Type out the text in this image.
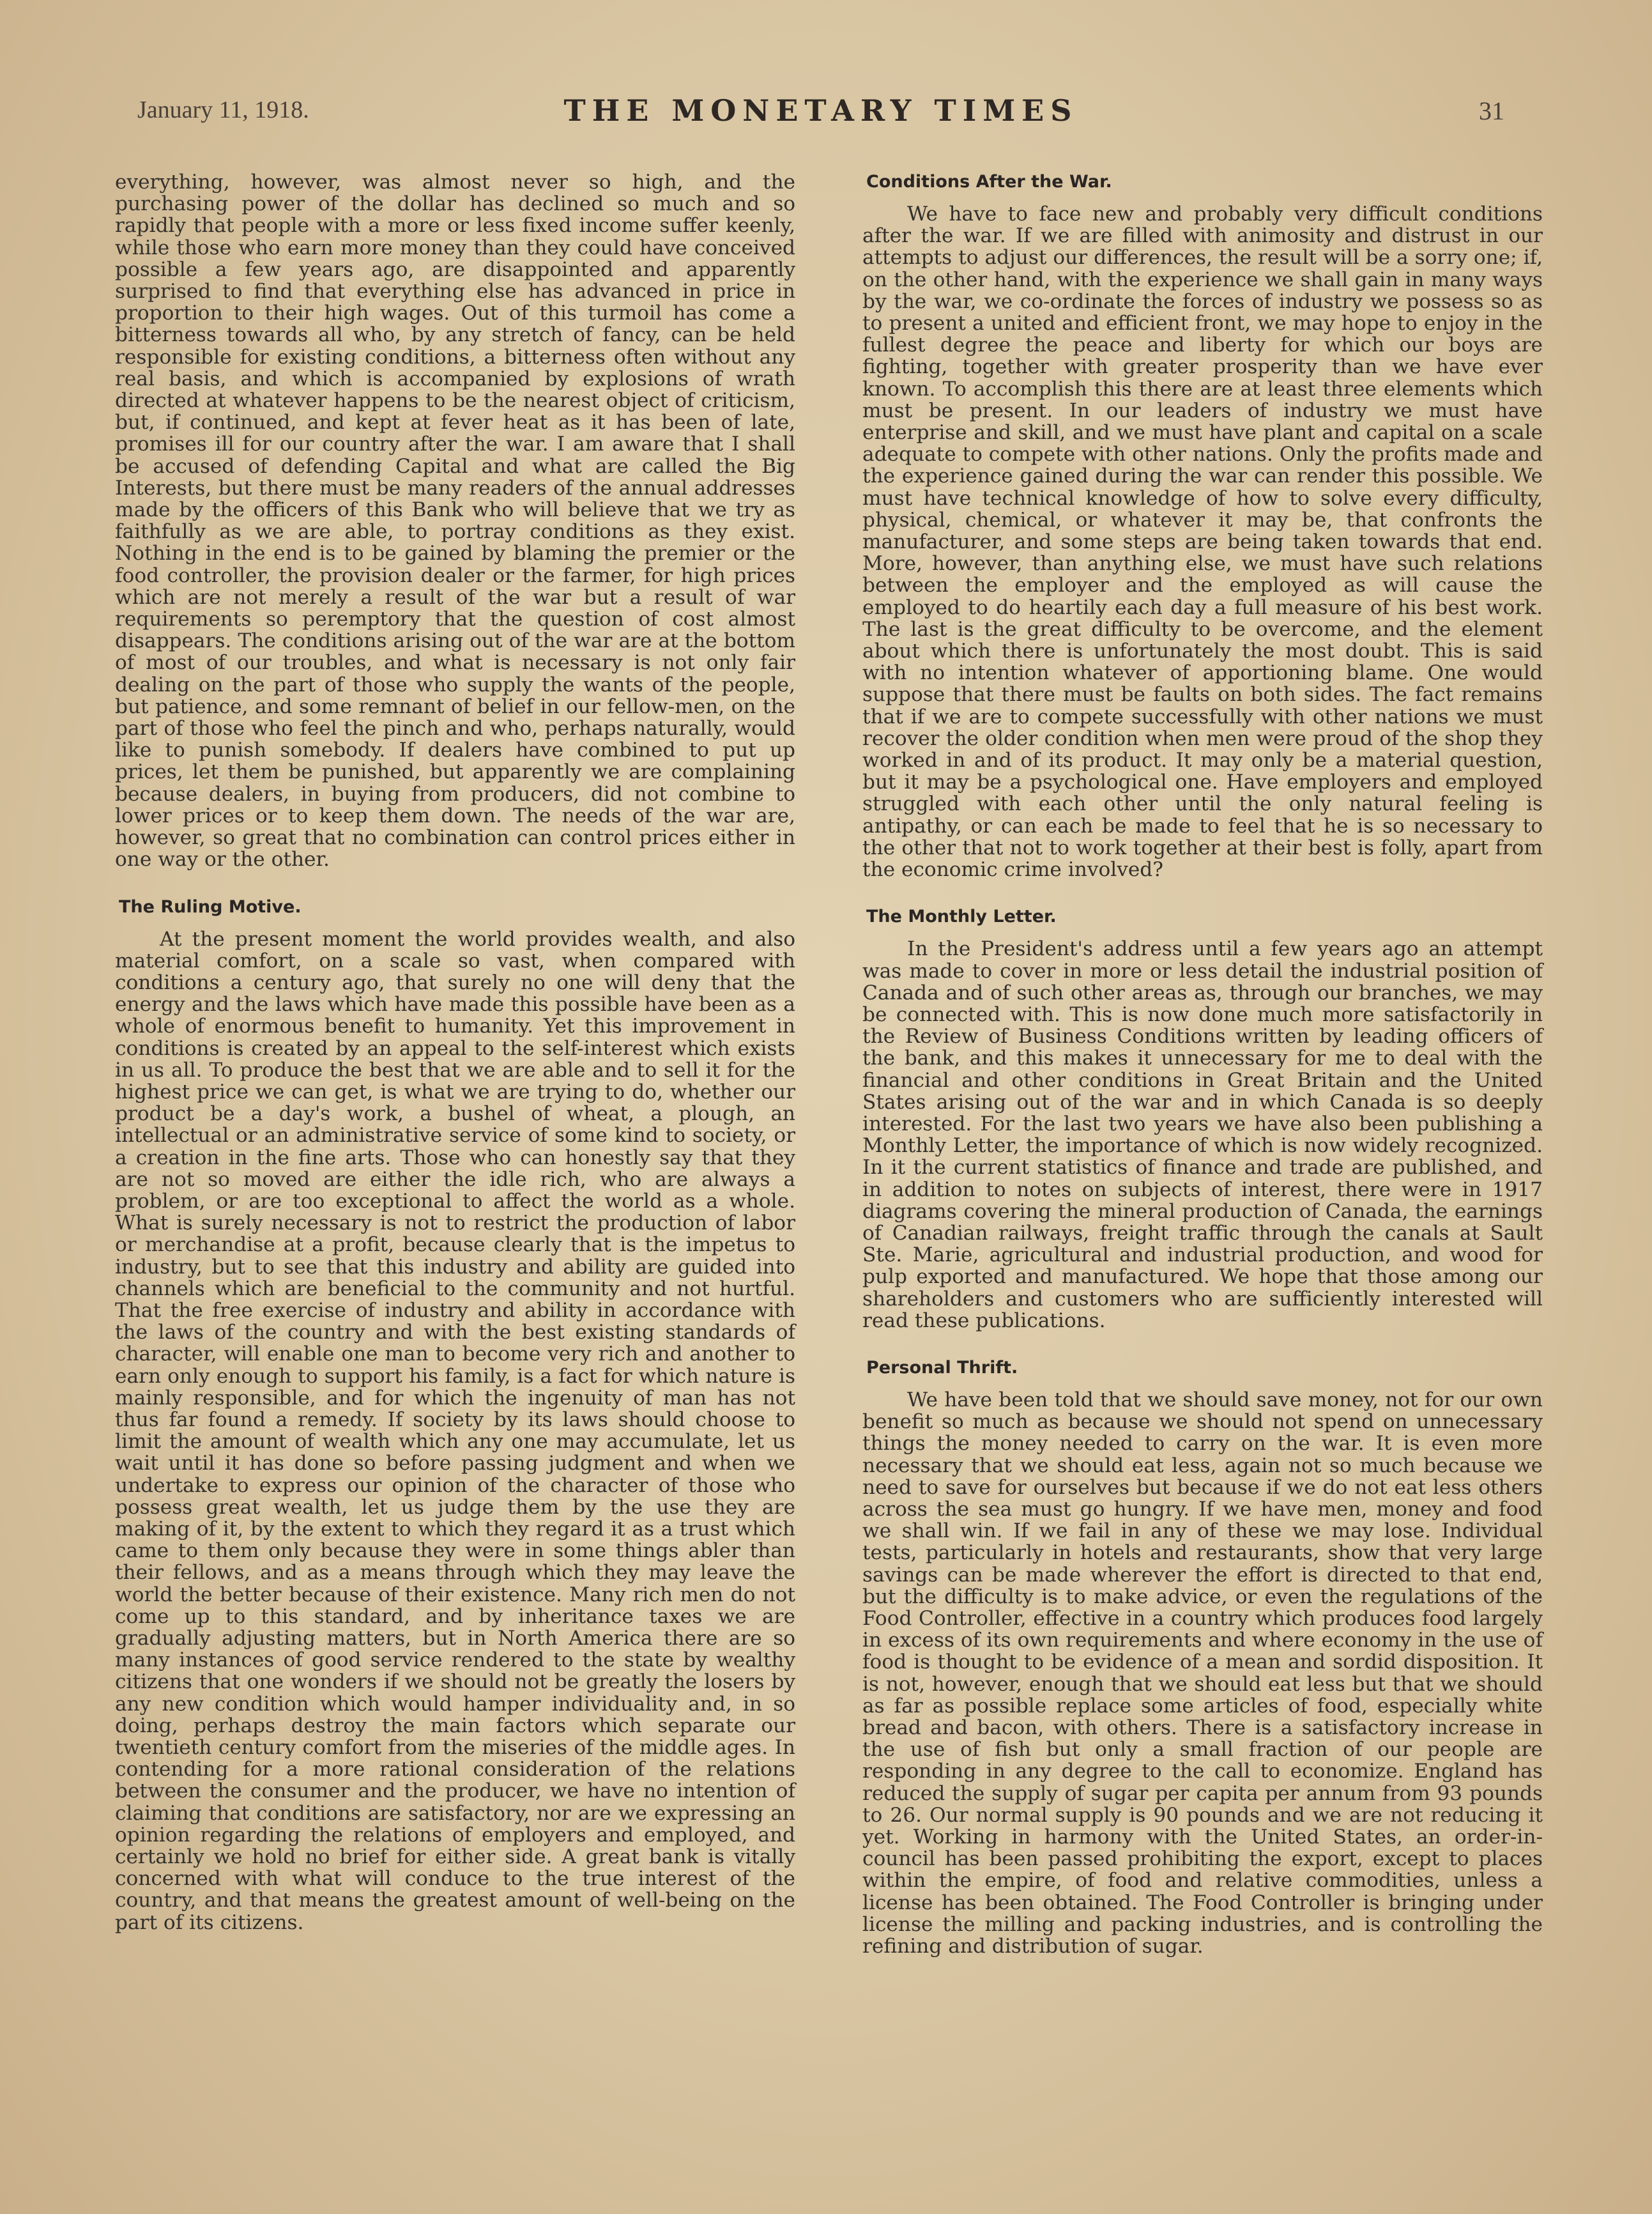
January 11, 1918.	THE MONETARY TIMES	31

everything, however, was almost never so high, and the purchasing power of the dollar has declined so much and so rapidly that people with a more or less fixed income suffer keenly, while those who earn more money than they could have conceived possible a few years ago, are disappointed and apparently surprised to find that everything else has advanced in price in proportion to their high wages. Out of this turmoil has come a bitterness towards all who, by any stretch of fancy, can be held responsible for existing conditions, a bitterness often without any real basis, and which is accompanied by explosions of wrath directed at whatever happens to be the nearest object of criticism, but, if continued, and kept at fever heat as it has been of late, promises ill for our country after the war. I am aware that I shall be accused of defending Capital and what are called the Big Interests, but there must be many readers of the annual addresses made by the officers of this Bank who will believe that we try as faithfully as we are able, to portray conditions as they exist. Nothing in the end is to be gained by blaming the premier or the food controller, the provision dealer or the farmer, for high prices which are not merely a result of the war but a result of war requirements so peremptory that the question of cost almost disappears. The conditions arising out of the war are at the bottom of most of our troubles, and what is necessary is not only fair dealing on the part of those who supply the wants of the people, but patience, and some remnant of belief in our fellow-men, on the part of those who feel the pinch and who, perhaps naturally, would like to punish somebody. If dealers have combined to put up prices, let them be punished, but apparently we are complaining because dealers, in buying from producers, did not combine to lower prices or to keep them down. The needs of the war are, however, so great that no combination can control prices either in one way or the other.

The Ruling Motive.

At the present moment the world provides wealth, and also material comfort, on a scale so vast, when compared with conditions a century ago, that surely no one will deny that the energy and the laws which have made this possible have been as a whole of enormous benefit to humanity. Yet this improvement in conditions is created by an appeal to the self-interest which exists in us all. To produce the best that we are able and to sell it for the highest price we can get, is what we are trying to do, whether our product be a day's work, a bushel of wheat, a plough, an intellectual or an administrative service of some kind to society, or a creation in the fine arts. Those who can honestly say that they are not so moved are either the idle rich, who are always a problem, or are too exceptional to affect the world as a whole. What is surely necessary is not to restrict the production of labor or merchandise at a profit, because clearly that is the impetus to industry, but to see that this industry and ability are guided into channels which are beneficial to the community and not hurtful. That the free exercise of industry and ability in accordance with the laws of the country and with the best existing standards of character, will enable one man to become very rich and another to earn only enough to support his family, is a fact for which nature is mainly responsible, and for which the ingenuity of man has not thus far found a remedy. If society by its laws should choose to limit the amount of wealth which any one may accumulate, let us wait until it has done so before passing judgment and when we undertake to express our opinion of the character of those who possess great wealth, let us judge them by the use they are making of it, by the extent to which they regard it as a trust which came to them only because they were in some things abler than their fellows, and as a means through which they may leave the world the better because of their existence. Many rich men do not come up to this standard, and by inheritance taxes we are gradually adjusting matters, but in North America there are so many instances of good service rendered to the state by wealthy citizens that one wonders if we should not be greatly the losers by any new condition which would hamper individuality and, in so doing, perhaps destroy the main factors which separate our twentieth century comfort from the miseries of the middle ages. In contending for a more rational consideration of the relations between the consumer and the producer, we have no intention of claiming that conditions are satisfactory, nor are we expressing an opinion regarding the relations of employers and employed, and certainly we hold no brief for either side. A great bank is vitally concerned with what will conduce to the true interest of the country, and that means the greatest amount of well-being on the part of its citizens.

Conditions After the War.

We have to face new and probably very difficult conditions after the war. If we are filled with animosity and distrust in our attempts to adjust our differences, the result will be a sorry one; if, on the other hand, with the experience we shall gain in many ways by the war, we co-ordinate the forces of industry we possess so as to present a united and efficient front, we may hope to enjoy in the fullest degree the peace and liberty for which our boys are fighting, together with greater prosperity than we have ever known. To accomplish this there are at least three elements which must be present. In our leaders of industry we must have enterprise and skill, and we must have plant and capital on a scale adequate to compete with other nations. Only the profits made and the experience gained during the war can render this possible. We must have technical knowledge of how to solve every difficulty, physical, chemical, or whatever it may be, that confronts the manufacturer, and some steps are being taken towards that end. More, however, than anything else, we must have such relations between the employer and the employed as will cause the employed to do heartily each day a full measure of his best work. The last is the great difficulty to be overcome, and the element about which there is unfortunately the most doubt. This is said with no intention whatever of apportioning blame. One would suppose that there must be faults on both sides. The fact remains that if we are to compete successfully with other nations we must recover the older condition when men were proud of the shop they worked in and of its product. It may only be a material question, but it may be a psychological one. Have employers and employed struggled with each other until the only natural feeling is antipathy, or can each be made to feel that he is so necessary to the other that not to work together at their best is folly, apart from the economic crime involved?

The Monthly Letter.

In the President's address until a few years ago an attempt was made to cover in more or less detail the industrial position of Canada and of such other areas as, through our branches, we may be connected with. This is now done much more satisfactorily in the Review of Business Conditions written by leading officers of the bank, and this makes it unnecessary for me to deal with the financial and other conditions in Great Britain and the United States arising out of the war and in which Canada is so deeply interested. For the last two years we have also been publishing a Monthly Letter, the importance of which is now widely recognized. In it the current statistics of finance and trade are published, and in addition to notes on subjects of interest, there were in 1917 diagrams covering the mineral production of Canada, the earnings of Canadian railways, freight traffic through the canals at Sault Ste. Marie, agricultural and industrial production, and wood for pulp exported and manufactured. We hope that those among our shareholders and customers who are sufficiently interested will read these publications.

Personal Thrift.

We have been told that we should save money, not for our own benefit so much as because we should not spend on unnecessary things the money needed to carry on the war. It is even more necessary that we should eat less, again not so much because we need to save for ourselves but because if we do not eat less others across the sea must go hungry. If we have men, money and food we shall win. If we fail in any of these we may lose. Individual tests, particularly in hotels and restaurants, show that very large savings can be made wherever the effort is directed to that end, but the difficulty is to make advice, or even the regulations of the Food Controller, effective in a country which produces food largely in excess of its own requirements and where economy in the use of food is thought to be evidence of a mean and sordid disposition. It is not, however, enough that we should eat less but that we should as far as possible replace some articles of food, especially white bread and bacon, with others. There is a satisfactory increase in the use of fish but only a small fraction of our people are responding in any degree to the call to economize. England has reduced the supply of sugar per capita per annum from 93 pounds to 26. Our normal supply is 90 pounds and we are not reducing it yet. Working in harmony with the United States, an order-in-council has been passed prohibiting the export, except to places within the empire, of food and relative commodities, unless a license has been obtained. The Food Controller is bringing under license the milling and packing industries, and is controlling the refining and distribution of sugar.
